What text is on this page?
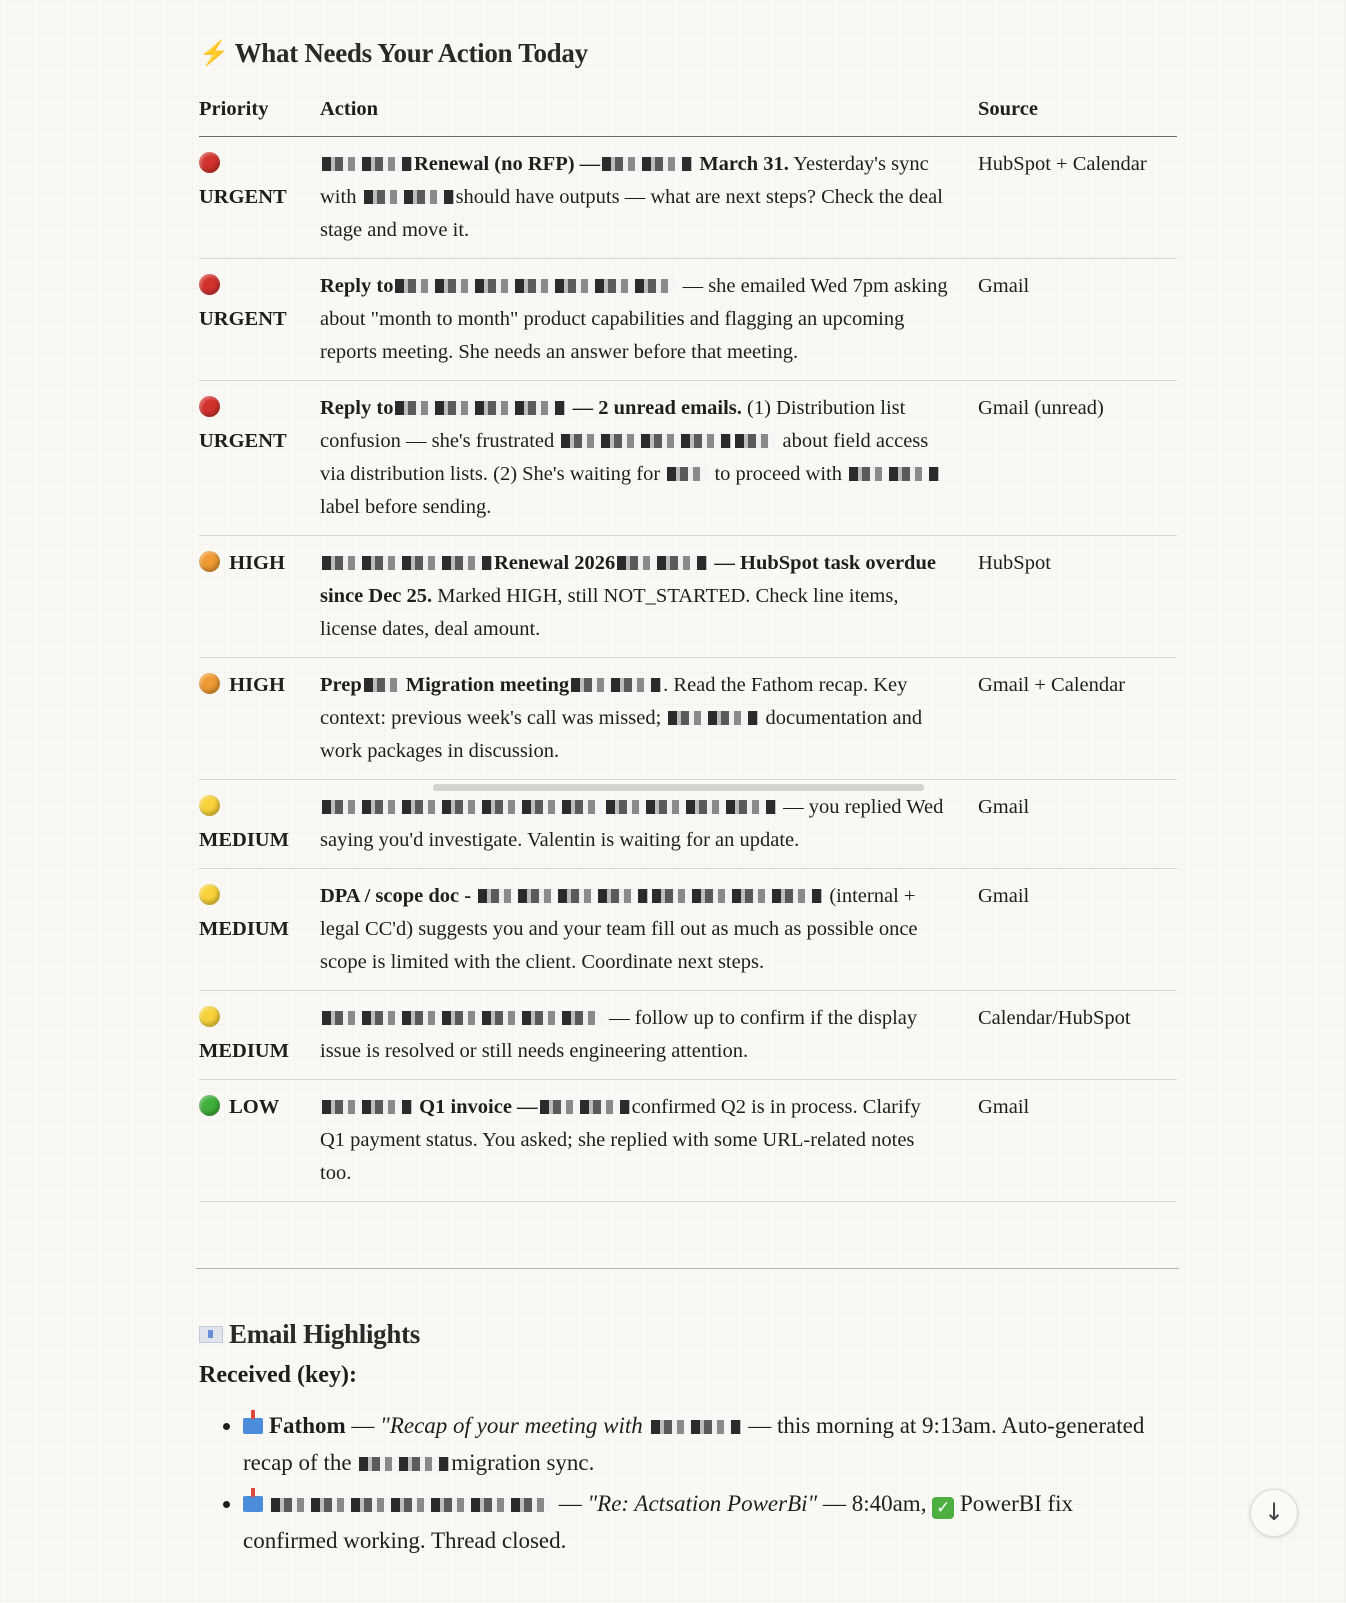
⚡ What Needs Your Action Today
Priority	Action	Source

URGENT	Renewal (no RFP) — March 31. Yesterday's sync with should have outputs — what are next steps? Check the deal stage and move it.	HubSpot + Calendar

URGENT	Reply to — she emailed Wed 7pm asking about "month to month" product capabilities and flagging an upcoming reports meeting. She needs an answer before that meeting.	Gmail

URGENT	Reply to — 2 unread emails. (1) Distribution list confusion — she's frustrated about field access via distribution lists. (2) She's waiting for  to proceed with  label before sending.	Gmail (unread)

HIGH	Renewal 2026 — HubSpot task overdue since Dec 25. Marked HIGH, still NOT_STARTED. Check line items, license dates, deal amount.	HubSpot

HIGH	Prep Migration meeting . Read the Fathom recap. Key context: previous week's call was missed; documentation and work packages in discussion.	Gmail + Calendar

MEDIUM	— you replied Wed saying you'd investigate. Valentin is waiting for an update.	Gmail

MEDIUM	DPA / scope doc - (internal + legal CC'd) suggests you and your team fill out as much as possible once scope is limited with the client. Coordinate next steps.	Gmail

MEDIUM	— follow up to confirm if the display issue is resolved or still needs engineering attention.	Calendar/HubSpot

LOW	Q1 invoice — confirmed Q2 is in process. Clarify Q1 payment status. You asked; she replied with some URL-related notes too.	Gmail
Email Highlights
Received (key):
• Fathom — "Recap of your meeting with	— this morning at 9:13am. Auto-generated recap of the	migration sync.
• — "Re: Actsation PowerBi" — 8:40am, ✓ PowerBI fix confirmed working. Thread closed.
↓
